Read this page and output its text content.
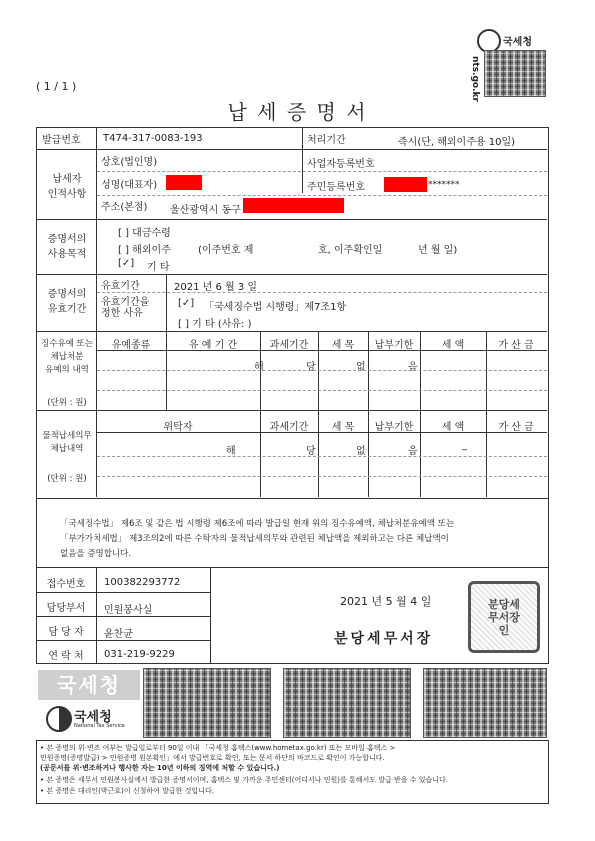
( 1 / 1 )
국세청
nts.go.kr
납 세 증 명 서
발급번호 T474-317-0083-193	처리기간	즉시(단, 해외이주용 10일)
납세자
인적사항
상호(법인명)	사업자등록번호
성명(대표자)	주민등록번호	*******
주소(본점) 울산광역시 동구
증명서의
사용목적
[ ] 대금수령
[ ] 해외이주	(이주번호 제	호, 이주확인일	년 월 일)
[✓] 기 타
증명서의
유효기간
유효기간	2021 년 6 월 3 일
유효기간을
정한 사유
[✓] 「국세징수법 시행령」제7조1항
[ ] 기 타 (사유: )
징수유예 또는
체납처분
유예의 내역
(단위 : 원)
유예종류	유 예 기 간	과세기간	세 목	납부기한	세 액	가 산 금
해	당	없	음
물적납세의무
체납내역
(단위 : 원)
위탁자	과세기간	세 목	납부기한	세 액	가 산 금
해	당	없	음
_
「국세징수법」 제6조 및 같은 법 시행령 제6조에 따라 발급일 현재 위의 징수유예액, 체납처분유예액 또는
「부가가치세법」 제3조의2에 따른 수탁자의 물적납세의무와 관련된 체납액을 제외하고는 다른 체납액이
없음을 증명합니다.
접수번호	100382293772
담당부서	민원봉사실
담 당 자	윤찬균
연 락 처	031-219-9229
2021 년 5 월 4 일
분당세무서장
분당세무서장인
국세청
국세청
National Tax Service
• 본 증명의 위·변조 여부는 발급일로부터 90일 이내 「국세청 홈택스(www.hometax.go.kr) 또는 모바일 홈택스 >
민원증명(증명발급) > 민원증명 원본확인」에서 발급번호로 확인, 또는 문서 하단의 바코드로 확인이 가능합니다.
(공문서를 위·변조하거나 행사한 자는 10년 이하의 징역에 처할 수 있습니다.)
• 본 증명은 세무서 민원봉사실에서 발급한 증명서이며, 홈택스 및 가까운 주민센터(어디서나 민원)를 통해서도 발급 받을 수 있습니다.
• 본 증명은 대리인(박근호)이 신청하여 발급한 것입니다.
